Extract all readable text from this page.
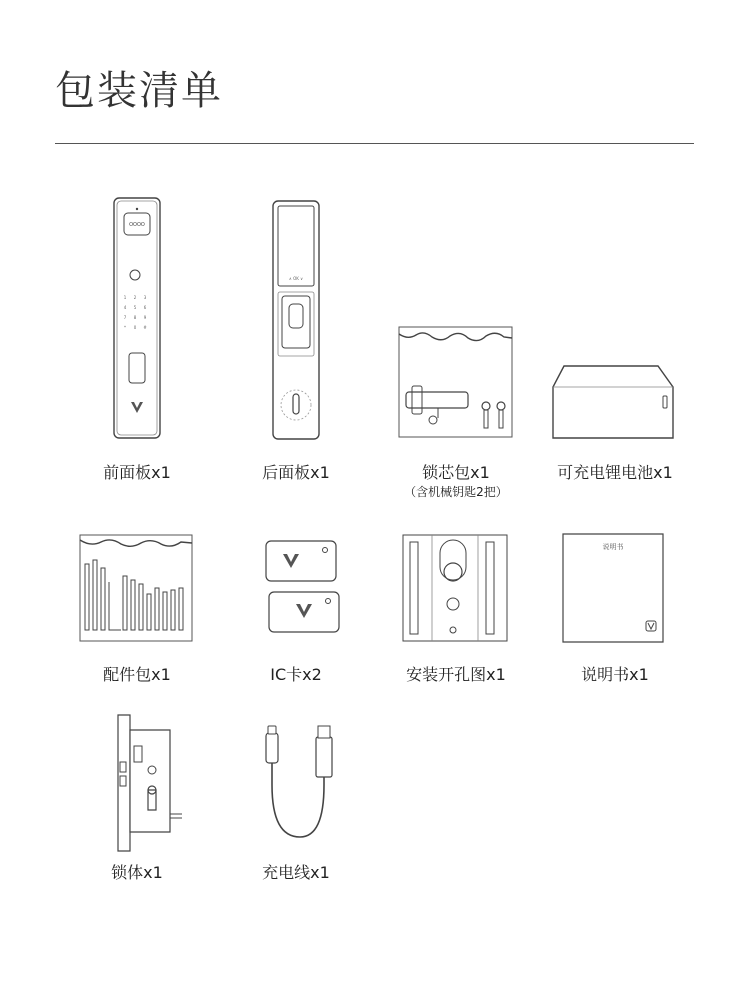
包装清单
OOOO
1 2 3
4 5 6
7 8 9
* 0 #
∧ OK ∨
说明书
前面板x1	后面板x1	锁芯包x1
（含机械钥匙2把）
可充电锂电池x1
配件包x1	IC卡x2	安装开孔图x1	说明书x1
锁体x1	充电线x1
